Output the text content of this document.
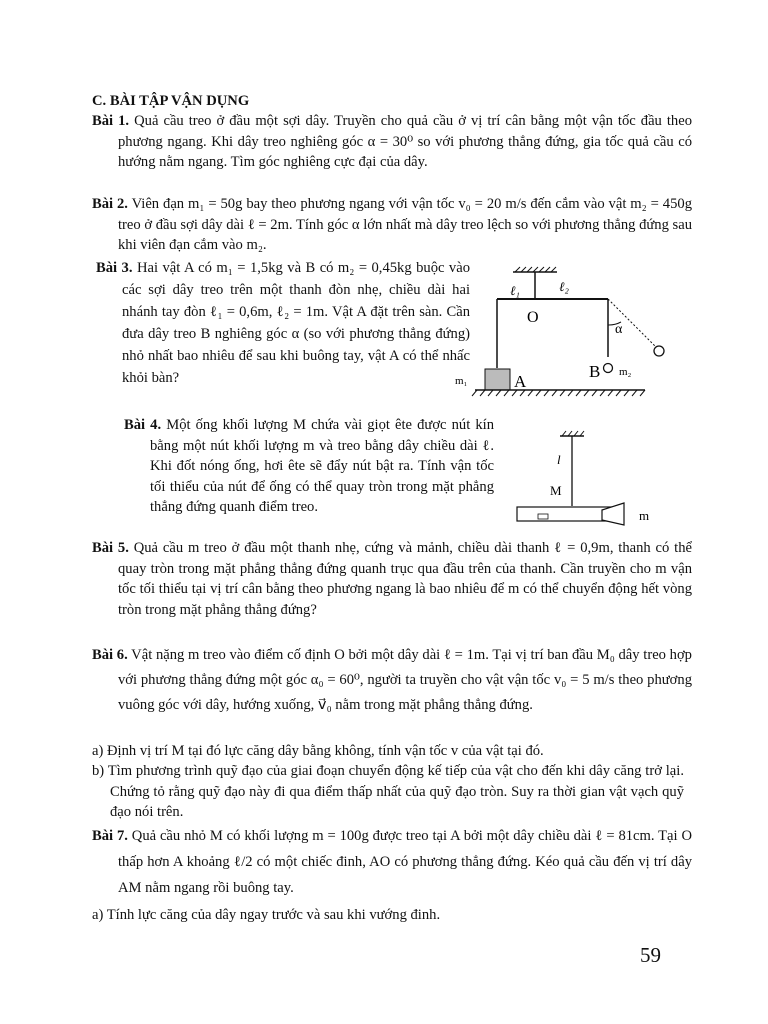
C. BÀI TẬP VẬN DỤNG
Bài 1. Quả cầu treo ở đầu một sợi dây. Truyền cho quả cầu ở vị trí cân bằng một vận tốc đầu theo phương ngang. Khi dây treo nghiêng góc α = 30⁰ so với phương thẳng đứng, gia tốc quả cầu có hướng nằm ngang. Tìm góc nghiêng cực đại của dây.
Bài 2. Viên đạn m₁ = 50g bay theo phương ngang với vận tốc v₀ = 20 m/s đến cắm vào vật m₂ = 450g treo ở đầu sợi dây dài ℓ = 2m. Tính góc α lớn nhất mà dây treo lệch so với phương thẳng đứng sau khi viên đạn cắm vào m₂.
Bài 3. Hai vật A có m₁ = 1,5kg và B có m₂ = 0,45kg buộc vào các sợi dây treo trên một thanh đòn nhẹ, chiều dài hai nhánh tay đòn ℓ₁ = 0,6m, ℓ₂ = 1m. Vật A đặt trên sàn. Cần đưa dây treo B nghiêng góc α (so với phương thẳng đứng) nhỏ nhất bao nhiêu để sau khi buông tay, vật A có thể nhấc khỏi bàn?
ℓ₁	ℓ₂
O
α
m₁	A
B m₂
Bài 4. Một ống khối lượng M chứa vài giọt ête được nút kín bằng một nút khối lượng m và treo bằng dây chiều dài ℓ. Khi đốt nóng ống, hơi ête sẽ đẩy nút bật ra. Tính vận tốc tối thiểu của nút để ống có thể quay tròn trong mặt phẳng thẳng đứng quanh điểm treo.
l
M
m
Bài 5. Quả cầu m treo ở đầu một thanh nhẹ, cứng và mảnh, chiều dài thanh ℓ = 0,9m, thanh có thể quay tròn trong mặt phẳng thẳng đứng quanh trục qua đầu trên của thanh. Cần truyền cho m vận tốc tối thiểu tại vị trí cân bằng theo phương ngang là bao nhiêu để m có thể chuyển động hết vòng tròn trong mặt phẳng thẳng đứng?
Bài 6. Vật nặng m treo vào điểm cố định O bởi một dây dài ℓ = 1m. Tại vị trí ban đầu M₀ dây treo hợp với phương thẳng đứng một góc α₀ = 60⁰, người ta truyền cho vật vận tốc v₀ = 5 m/s theo phương vuông góc với dây, hướng xuống, v⃗₀ nằm trong mặt phẳng thẳng đứng.
a) Định vị trí M tại đó lực căng dây bằng không, tính vận tốc v của vật tại đó.
b) Tìm phương trình quỹ đạo của giai đoạn chuyển động kế tiếp của vật cho đến khi dây căng trở lại. Chứng tỏ rằng quỹ đạo này đi qua điểm thấp nhất của quỹ đạo tròn. Suy ra thời gian vật vạch quỹ đạo nói trên.
Bài 7. Quả cầu nhỏ M có khối lượng m = 100g được treo tại A bởi một dây chiều dài ℓ = 81cm. Tại O thấp hơn A khoảng ℓ/2 có một chiếc đinh, AO có phương thẳng đứng. Kéo quả cầu đến vị trí dây AM nằm ngang rồi buông tay.
a) Tính lực căng của dây ngay trước và sau khi vướng đinh.
59
